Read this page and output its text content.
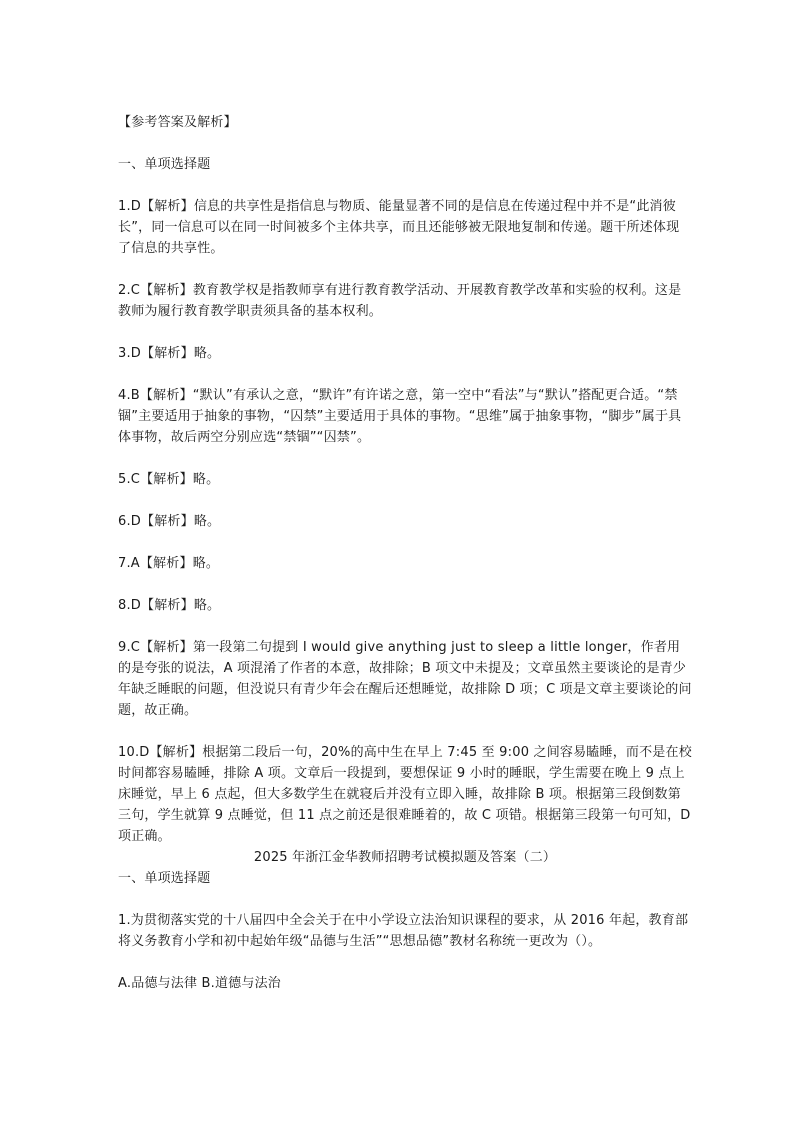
【参考答案及解析】

一、单项选择题

1.D【解析】信息的共享性是指信息与物质、能量显著不同的是信息在传递过程中并不是“此消彼长”，同一信息可以在同一时间被多个主体共享，而且还能够被无限地复制和传递。题干所述体现了信息的共享性。

2.C【解析】教育教学权是指教师享有进行教育教学活动、开展教育教学改革和实验的权利。这是教师为履行教育教学职责须具备的基本权利。

3.D【解析】略。

4.B【解析】“默认”有承认之意，“默许”有许诺之意，第一空中“看法”与“默认”搭配更合适。“禁锢”主要适用于抽象的事物，“囚禁”主要适用于具体的事物。“思维”属于抽象事物，“脚步”属于具体事物，故后两空分别应选“禁锢”“囚禁”。

5.C【解析】略。

6.D【解析】略。

7.A【解析】略。

8.D【解析】略。

9.C【解析】第一段第二句提到 I would give anything just to sleep a little longer，作者用的是夸张的说法，A 项混淆了作者的本意，故排除；B 项文中未提及；文章虽然主要谈论的是青少年缺乏睡眠的问题，但没说只有青少年会在醒后还想睡觉，故排除 D 项；C 项是文章主要谈论的问题，故正确。

10.D【解析】根据第二段后一句，20%的高中生在早上 7:45 至 9:00 之间容易瞌睡，而不是在校时间都容易瞌睡，排除 A 项。文章后一段提到，要想保证 9 小时的睡眠，学生需要在晚上 9 点上床睡觉，早上 6 点起，但大多数学生在就寝后并没有立即入睡，故排除 B 项。根据第三段倒数第三句，学生就算 9 点睡觉，但 11 点之前还是很难睡着的，故 C 项错。根据第三段第一句可知，D 项正确。

2025 年浙江金华教师招聘考试模拟题及答案（二）

一、单项选择题

1.为贯彻落实党的十八届四中全会关于在中小学设立法治知识课程的要求，从 2016 年起，教育部将义务教育小学和初中起始年级“品德与生活”“思想品德”教材名称统一更改为（）。

A.品德与法律 B.道德与法治
